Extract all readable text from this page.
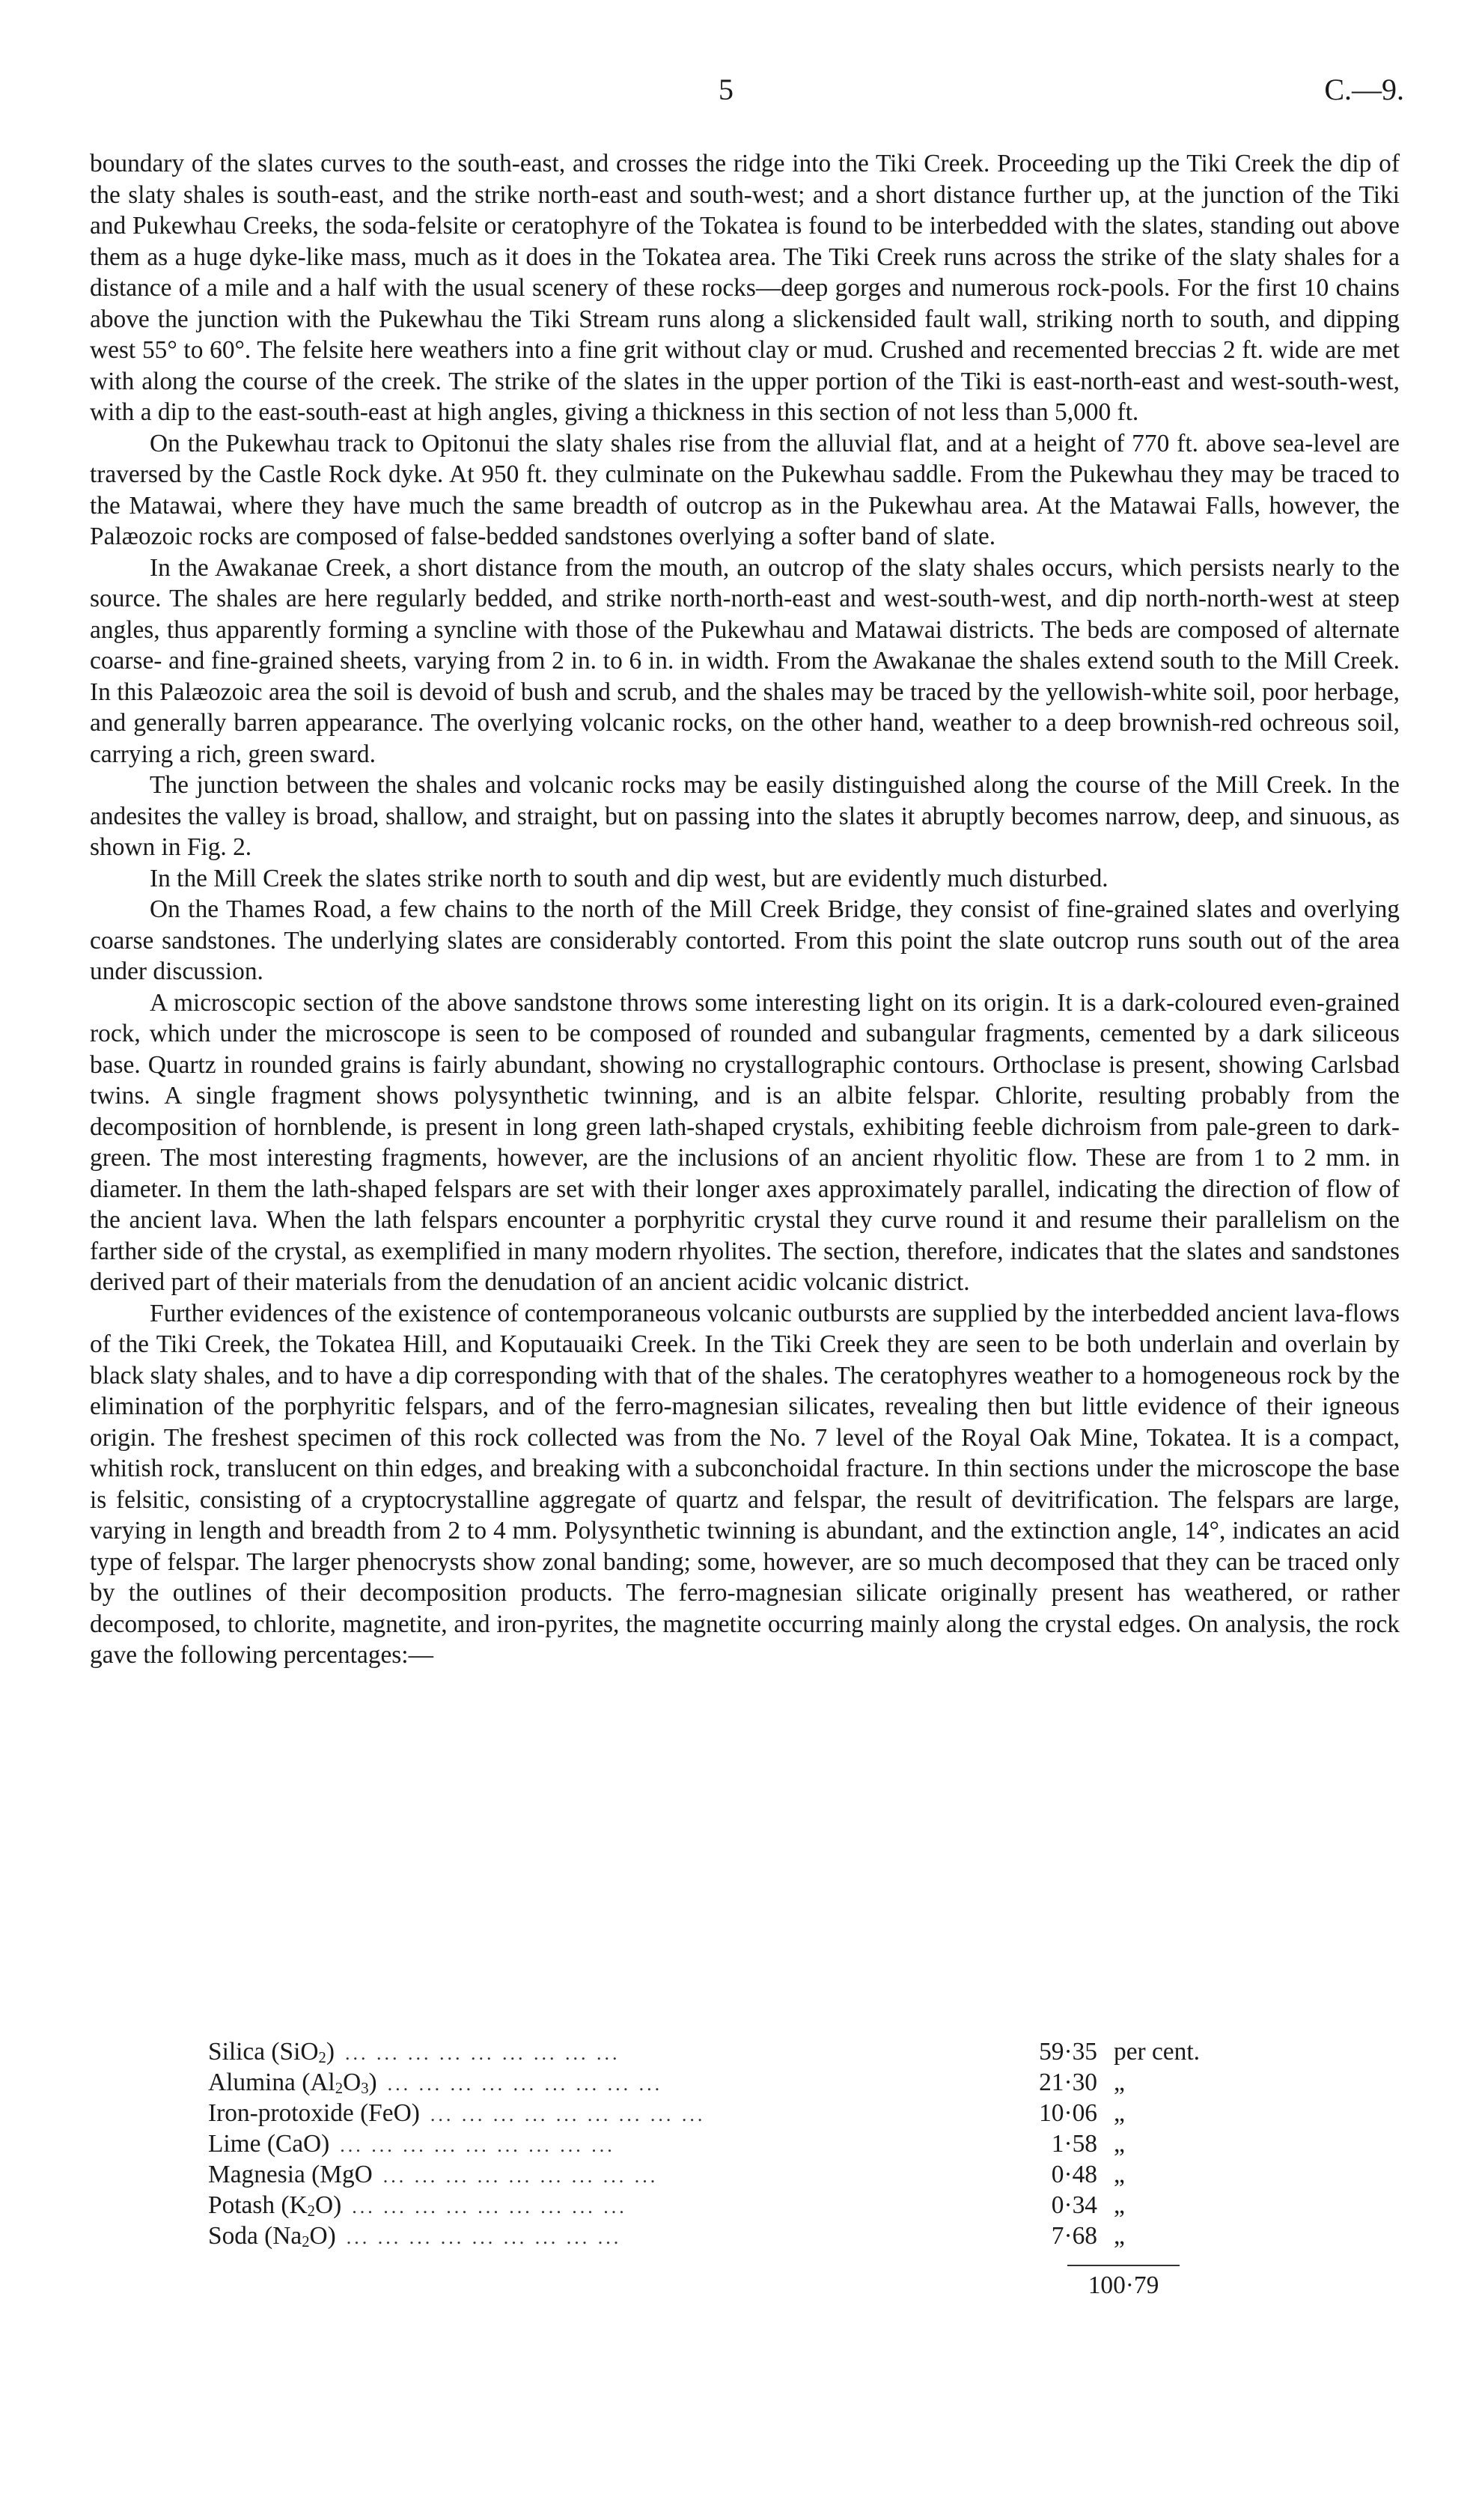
5	C.—9.

boundary of the slates curves to the south-east, and crosses the ridge into the Tiki Creek. Proceeding up the Tiki Creek the dip of the slaty shales is south-east, and the strike north-east and south-west; and a short distance further up, at the junction of the Tiki and Pukewhau Creeks, the soda-felsite or ceratophyre of the Tokatea is found to be interbedded with the slates, standing out above them as a huge dyke-like mass, much as it does in the Tokatea area. The Tiki Creek runs across the strike of the slaty shales for a distance of a mile and a half with the usual scenery of these rocks—deep gorges and numerous rock-pools. For the first 10 chains above the junction with the Pukewhau the Tiki Stream runs along a slickensided fault wall, striking north to south, and dipping west 55° to 60°. The felsite here weathers into a fine grit without clay or mud. Crushed and recemented breccias 2 ft. wide are met with along the course of the creek. The strike of the slates in the upper portion of the Tiki is east-north-east and west-south-west, with a dip to the east-south-east at high angles, giving a thickness in this section of not less than 5,000 ft.

On the Pukewhau track to Opitonui the slaty shales rise from the alluvial flat, and at a height of 770 ft. above sea-level are traversed by the Castle Rock dyke. At 950 ft. they culminate on the Pukewhau saddle. From the Pukewhau they may be traced to the Matawai, where they have much the same breadth of outcrop as in the Pukewhau area. At the Matawai Falls, however, the Palæozoic rocks are composed of false-bedded sandstones overlying a softer band of slate.

In the Awakanae Creek, a short distance from the mouth, an outcrop of the slaty shales occurs, which persists nearly to the source. The shales are here regularly bedded, and strike north-north-east and west-south-west, and dip north-north-west at steep angles, thus apparently forming a syncline with those of the Pukewhau and Matawai districts. The beds are composed of alternate coarse- and fine-grained sheets, varying from 2 in. to 6 in. in width. From the Awakanae the shales extend south to the Mill Creek. In this Palæozoic area the soil is devoid of bush and scrub, and the shales may be traced by the yellowish-white soil, poor herbage, and generally barren appearance. The overlying volcanic rocks, on the other hand, weather to a deep brownish-red ochreous soil, carrying a rich, green sward.

The junction between the shales and volcanic rocks may be easily distinguished along the course of the Mill Creek. In the andesites the valley is broad, shallow, and straight, but on passing into the slates it abruptly becomes narrow, deep, and sinuous, as shown in Fig. 2.

In the Mill Creek the slates strike north to south and dip west, but are evidently much disturbed.

On the Thames Road, a few chains to the north of the Mill Creek Bridge, they consist of fine-grained slates and overlying coarse sandstones. The underlying slates are considerably contorted. From this point the slate outcrop runs south out of the area under discussion.

A microscopic section of the above sandstone throws some interesting light on its origin. It is a dark-coloured even-grained rock, which under the microscope is seen to be composed of rounded and subangular fragments, cemented by a dark siliceous base. Quartz in rounded grains is fairly abundant, showing no crystallographic contours. Orthoclase is present, showing Carlsbad twins. A single fragment shows polysynthetic twinning, and is an albite felspar. Chlorite, resulting probably from the decomposition of hornblende, is present in long green lath-shaped crystals, exhibiting feeble dichroism from pale-green to dark-green. The most interesting fragments, however, are the inclusions of an ancient rhyolitic flow. These are from 1 to 2 mm. in diameter. In them the lath-shaped felspars are set with their longer axes approximately parallel, indicating the direction of flow of the ancient lava. When the lath felspars encounter a porphyritic crystal they curve round it and resume their parallelism on the farther side of the crystal, as exemplified in many modern rhyolites. The section, therefore, indicates that the slates and sandstones derived part of their materials from the denudation of an ancient acidic volcanic district.

Further evidences of the existence of contemporaneous volcanic outbursts are supplied by the interbedded ancient lava-flows of the Tiki Creek, the Tokatea Hill, and Koputauaiki Creek. In the Tiki Creek they are seen to be both underlain and overlain by black slaty shales, and to have a dip corresponding with that of the shales. The ceratophyres weather to a homogeneous rock by the elimination of the porphyritic felspars, and of the ferro-magnesian silicates, revealing then but little evidence of their igneous origin. The freshest specimen of this rock collected was from the No. 7 level of the Royal Oak Mine, Tokatea. It is a compact, whitish rock, translucent on thin edges, and breaking with a subconchoidal fracture. In thin sections under the microscope the base is felsitic, consisting of a cryptocrystalline aggregate of quartz and felspar, the result of devitrification. The felspars are large, varying in length and breadth from 2 to 4 mm. Polysynthetic twinning is abundant, and the extinction angle, 14°, indicates an acid type of felspar. The larger phenocrysts show zonal banding; some, however, are so much decomposed that they can be traced only by the outlines of their decomposition products. The ferro-magnesian silicate originally present has weathered, or rather decomposed, to chlorite, magnetite, and iron-pyrites, the magnetite occurring mainly along the crystal edges. On analysis, the rock gave the following percentages:—

Silica (SiO$_2$) ... ... ... ... ... ... ... ... ...	59·35 per cent.
Alumina $(Al_2O_3)$ ... ... ... ... ... ... ... ... ...	21·30 „
Iron-protoxide (FeO) ... ... ... ... ... ... ... ... ...	10·06 „
Lime (CaO) ... ... ... ... ... ... ... ... ...	1·58 „
Magnesia (MgO ... ... ... ... ... ... ... ... ...	0·48 „
Potash $(K_2O)$ ... ... ... ... ... ... ... ... ...	0·34 „
Soda $(Na_2O)$ ... ... ... ... ... ... ... ... ...	7·68 „
100·79
